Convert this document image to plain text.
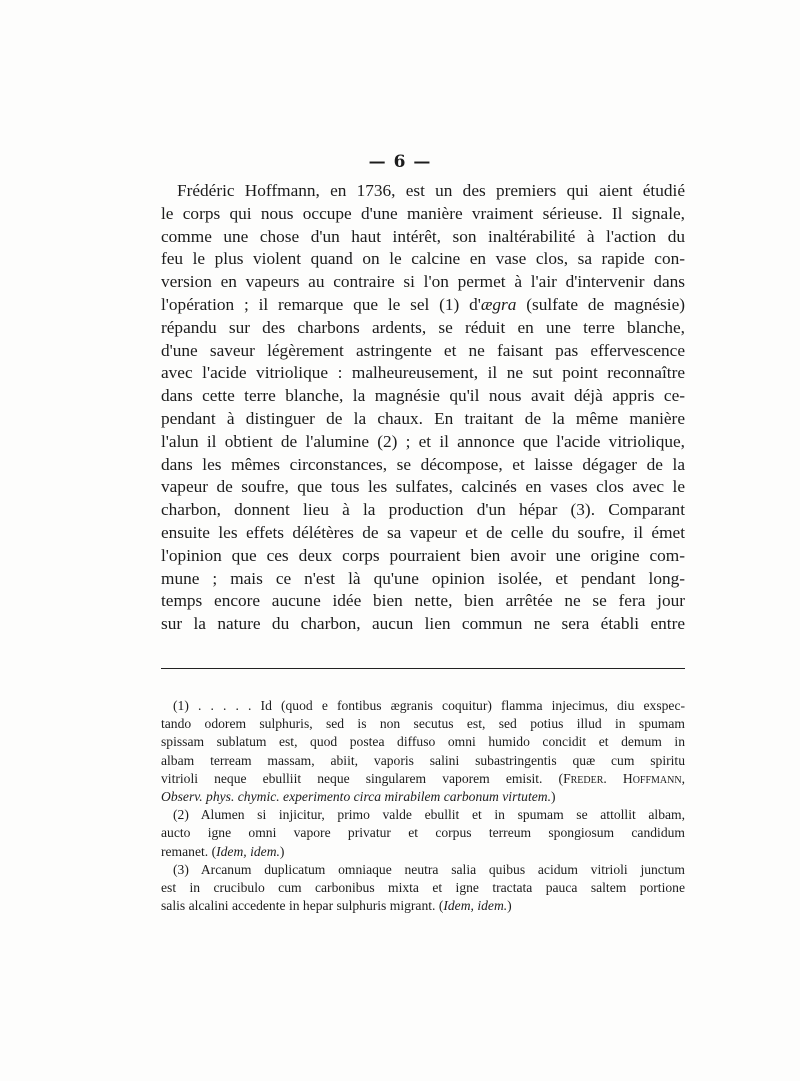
— 6 —
Frédéric Hoffmann, en 1736, est un des premiers qui aient étudié
le corps qui nous occupe d'une manière vraiment sérieuse. Il signale,
comme une chose d'un haut intérêt, son inaltérabilité à l'action du
feu le plus violent quand on le calcine en vase clos, sa rapide con-
version en vapeurs au contraire si l'on permet à l'air d'intervenir dans
l'opération ; il remarque que le sel (1) d'ægra (sulfate de magnésie)
répandu sur des charbons ardents, se réduit en une terre blanche,
d'une saveur légèrement astringente et ne faisant pas effervescence
avec l'acide vitriolique : malheureusement, il ne sut point reconnaître
dans cette terre blanche, la magnésie qu'il nous avait déjà appris ce-
pendant à distinguer de la chaux. En traitant de la même manière
l'alun il obtient de l'alumine (2) ; et il annonce que l'acide vitriolique,
dans les mêmes circonstances, se décompose, et laisse dégager de la
vapeur de soufre, que tous les sulfates, calcinés en vases clos avec le
charbon, donnent lieu à la production d'un hépar (3). Comparant
ensuite les effets délétères de sa vapeur et de celle du soufre, il émet
l'opinion que ces deux corps pourraient bien avoir une origine com-
mune ; mais ce n'est là qu'une opinion isolée, et pendant long-
temps encore aucune idée bien nette, bien arrêtée ne se fera jour
sur la nature du charbon, aucun lien commun ne sera établi entre
(1) . . . . . Id (quod e fontibus ægranis coquitur) flamma injecimus, diu exspec-
tando odorem sulphuris, sed is non secutus est, sed potius illud in spumam
spissam sublatum est, quod postea diffuso omni humido concidit et demum in
albam terream massam, abiit, vaporis salini subastringentis quæ cum spiritu
vitrioli neque ebulliit neque singularem vaporem emisit. (Freder. Hoffmann,
Observ. phys. chymic. experimento circa mirabilem carbonum virtutem.)
(2) Alumen si injicitur, primo valde ebullit et in spumam se attollit albam,
aucto igne omni vapore privatur et corpus terreum spongiosum candidum
remanet. (Idem, idem.)
(3) Arcanum duplicatum omniaque neutra salia quibus acidum vitrioli junctum
est in crucibulo cum carbonibus mixta et igne tractata pauca saltem portione
salis alcalini accedente in hepar sulphuris migrant. (Idem, idem.)
